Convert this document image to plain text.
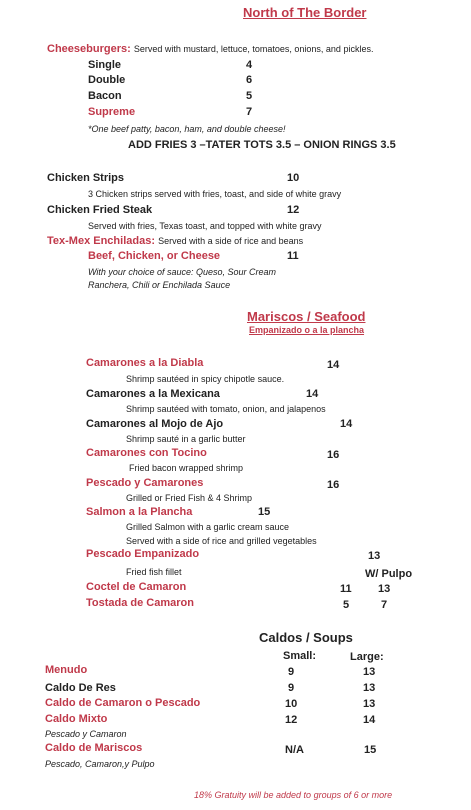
North of The Border
Cheeseburgers: Served with mustard, lettuce, tomatoes, onions, and pickles.
Single	4
Double	6
Bacon	5
Supreme	7
*One beef patty, bacon, ham, and double cheese!
ADD FRIES 3 –TATER TOTS 3.5 – ONION RINGS 3.5
Chicken Strips	10
3 Chicken strips served with fries, toast, and side of white gravy
Chicken Fried Steak	12
Served with fries, Texas toast, and topped with white gravy
Tex-Mex Enchiladas: Served with a side of rice and beans
Beef, Chicken, or Cheese	11
With your choice of sauce: Queso, Sour Cream
Ranchera, Chili or Enchilada Sauce
Mariscos / Seafood
Empanizado o a la plancha
Camarones a la Diabla	14
Shrimp sautéed in spicy chipotle sauce.
Camarones a la Mexicana	14
Shrimp sautéed with tomato, onion, and jalapenos
Camarones al Mojo de Ajo	14
Shrimp sauté in a garlic butter
Camarones con Tocino	16
Fried bacon wrapped shrimp
Pescado y Camarones	16
Grilled or Fried Fish & 4 Shrimp
Salmon a la Plancha	15
Grilled Salmon with a garlic cream sauce
Served with a side of rice and grilled vegetables
Pescado Empanizado	13
Fried fish fillet	W/ Pulpo
Coctel de Camaron	11 13
Tostada de Camaron	5	7
Caldos / Soups
Small:	Large:
Menudo	9	13
Caldo De Res	9	13
Caldo de Camaron o Pescado	10	13
Caldo Mixto	12	14
Pescado y Camaron
Caldo de Mariscos	N/A	15
Pescado, Camaron,y Pulpo
18% Gratuity will be added to groups of 6 or more
